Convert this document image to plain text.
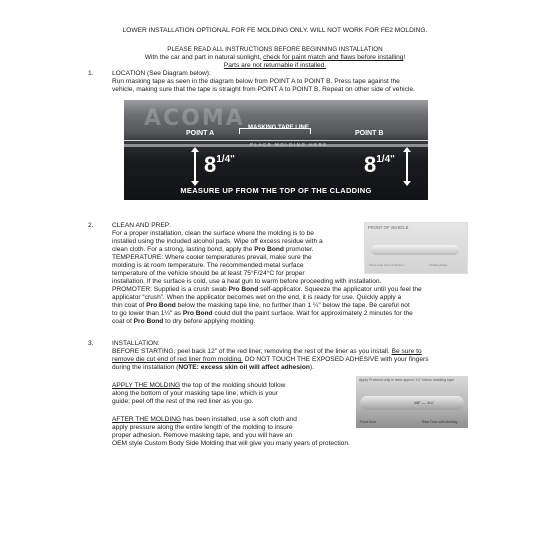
LOWER INSTALLATION OPTIONAL FOR FE MOLDING ONLY. WILL NOT WORK FOR FE2 MOLDING.
PLEASE READ ALL INSTRUCTIONS BEFORE BEGINNING INSTALLATION
With the car and part in natural sunlight, check for paint match and flaws before installing!
Parts are not returnable if installed.
1.	LOCATION (See Diagram below):
Run masking tape as seen in the diagram below from POINT A to POINT B. Press tape against the
vehicle, making sure that the tape is straight from POINT A to POINT B. Repeat on other side of vehicle.
ACOMA
POINT A
MASKING TAPE LINE
POINT B
PLACE MOLDING HERE
$8^{1/4"}$	$8^{1/4"}$
MEASURE UP FROM THE TOP OF THE CLADDING
2.	CLEAN AND PREP:
For a proper installation, clean the surface where the molding is to be
installed using the included alcohol pads. Wipe off excess residue with a
clean cloth. For a strong, lasting bond, apply the Pro Bond promoter.
TEMPERATURE: Where cooler temperatures prevail, make sure the
molding is at room temperature. The recommended metal surface
temperature of the vehicle should be at least 75°F/24°C for proper
installation. If the surface is cold, use a heat gun to warm before proceeding with installation.
PROMOTER: Supplied is a crush swab Pro Bond self-applicator. Squeeze the applicator until you feel the
applicator “crush”. When the applicator becomes wet on the end, it is ready for use. Quickly apply a
thin coat of Pro Bond below the masking tape line, no further than 1 ¼" below the tape. Be careful not
to go lower than 1¼" as Pro Bond could dull the paint surface. Wait for approximately 2 minutes for the
coat of Pro Bond to dry before applying molding.
FRONT OF VEHICLE
Place tape at Front Bottom	Molding Edge
3.	INSTALLATION:
BEFORE STARTING, peel back 12" of the red liner, removing the rest of the liner as you install. Be sure to
remove die cut end of red liner from molding. DO NOT TOUCH THE EXPOSED ADHESIVE with your fingers
during the installation (NOTE: excess skin oil will affect adhesion).
APPLY THE MOLDING the top of the molding should follow
along the bottom of your masking tape line, which is your
guide; peel off the rest of the red liner as you go.
AFTER THE MOLDING has been installed, use a soft cloth and
apply pressure along the entire length of the molding to insure
proper adhesion. Remove masking tape, and you will have an
OEM style Custom Body Side Molding that will give you many years of protection.
Apply Probond only in area approx 1¼" below masking tape
1/8" — 1¼"
Front Door	Rear Door with Molding
